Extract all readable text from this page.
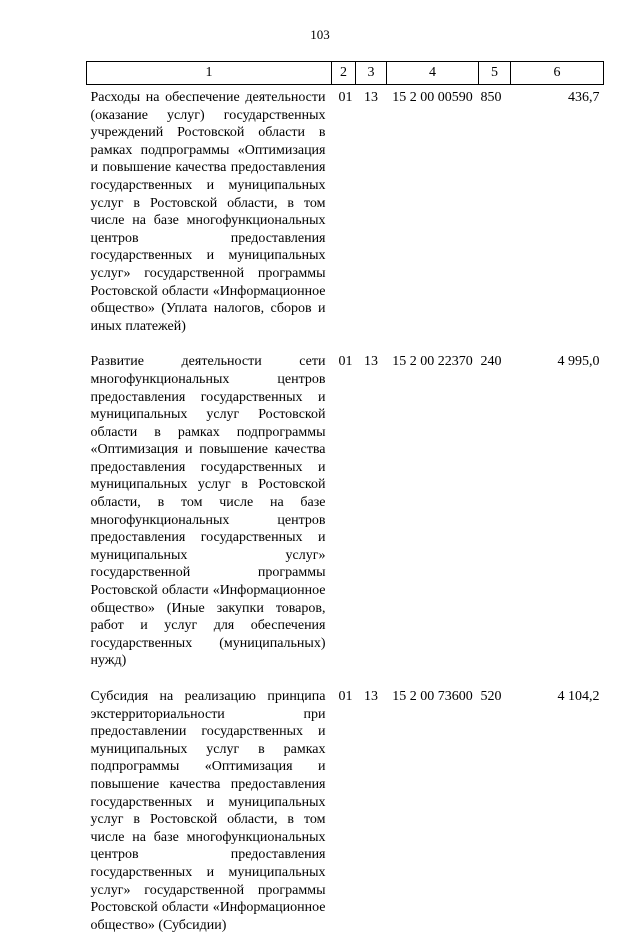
103
1	2	3	4	5	6
Расходы на обеспечение деятельности (оказание услуг) государственных учреждений Ростовской области в рамках подпрограммы «Оптимизация и повышение качества предоставления государственных и муниципальных услуг в Ростовской области, в том числе на базе многофункциональных центров предоставления государственных и муниципальных услуг» государственной программы Ростовской области «Информационное общество» (Уплата налогов, сборов и иных платежей)	01	13	15 2 00 00590	850	436,7
Развитие деятельности сети многофункциональных центров предоставления государственных и муниципальных услуг Ростовской области в рамках подпрограммы «Оптимизация и повышение качества предоставления государственных и муниципальных услуг в Ростовской области, в том числе на базе многофункциональных центров предоставления государственных и муниципальных услуг» государственной программы Ростовской области «Информационное общество» (Иные закупки товаров, работ и услуг для обеспечения государственных (муниципальных) нужд)	01	13	15 2 00 22370	240	4 995,0
Субсидия на реализацию принципа экстерриториальности при предоставлении государственных и муниципальных услуг в рамках подпрограммы «Оптимизация и повышение качества предоставления государственных и муниципальных услуг в Ростовской области, в том числе на базе многофункциональных центров предоставления государственных и муниципальных услуг» государственной программы Ростовской области «Информационное общество» (Субсидии)	01	13	15 2 00 73600	520	4 104,2
